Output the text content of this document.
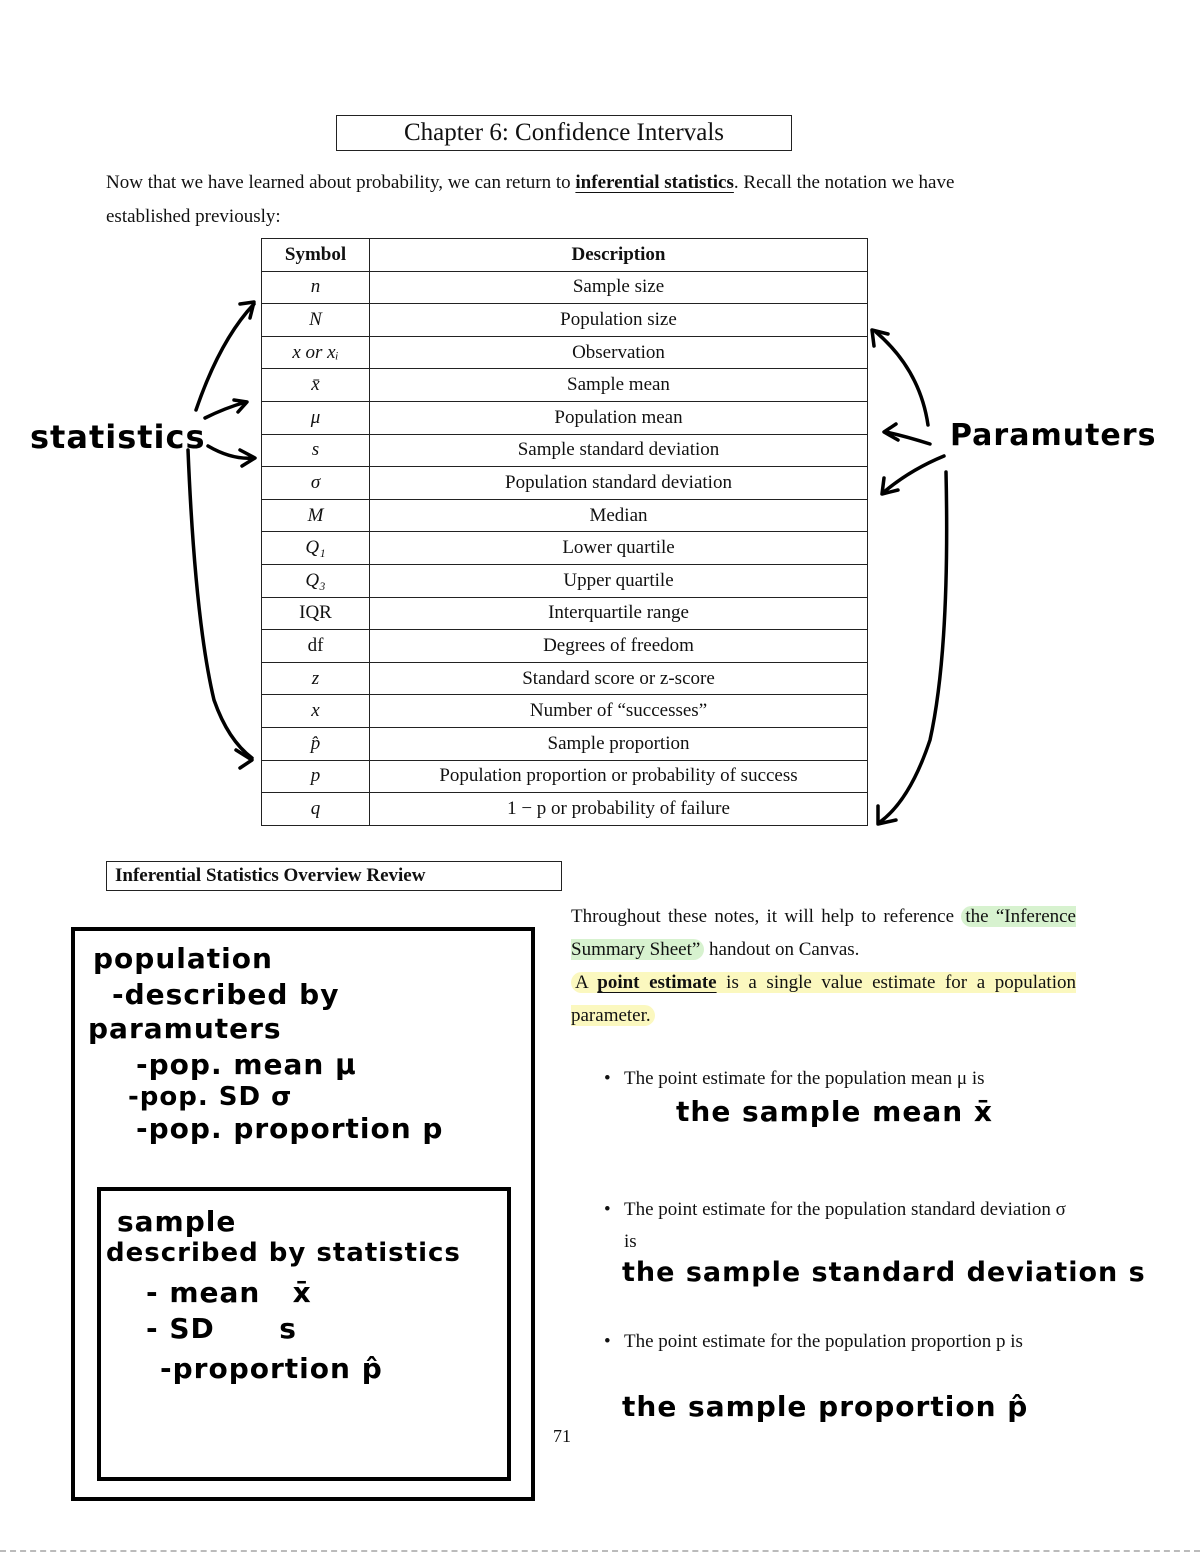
Chapter 6: Confidence Intervals
Now that we have learned about probability, we can return to inferential statistics. Recall the notation we have established previously:
Symbol	Description
n	Sample size
N	Population size
x or xᵢ	Observation
x̄	Sample mean
μ	Population mean
s	Sample standard deviation
σ	Population standard deviation
M	Median
Q₁	Lower quartile
Q₃	Upper quartile
IQR	Interquartile range
df	Degrees of freedom
z	Standard score or z-score
x	Number of “successes”
p̂	Sample proportion
p	Population proportion or probability of success
q	1 − p or probability of failure
statistics	Paramuters
Inferential Statistics Overview Review
population
-described by
paramuters
-pop. mean μ
-pop. SD σ
-pop. proportion p
sample
described by statistics
- mean   x̄
- SD      s
-proportion p̂
Throughout these notes, it will help to reference the “Inference Summary Sheet” handout on Canvas.
A point estimate is a single value estimate for a population parameter.
• The point estimate for the population mean μ is
the sample mean x̄
• The point estimate for the population standard deviation σ is
the sample standard deviation s
• The point estimate for the population proportion p is
the sample proportion p̂
71
